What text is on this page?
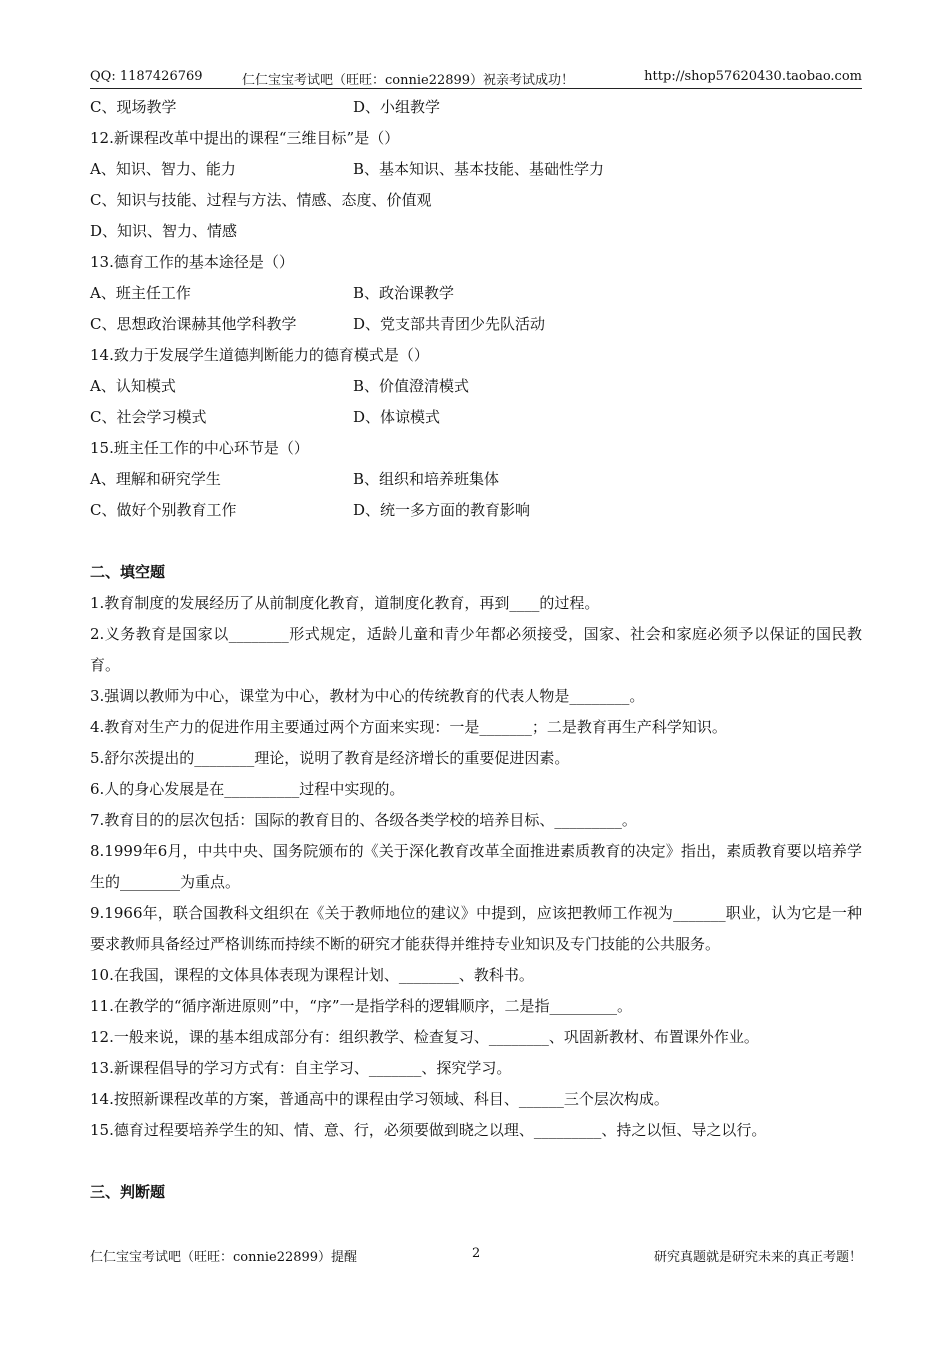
QQ: 1187426769	仁仁宝宝考试吧（旺旺：connie22899）祝亲考试成功！	http://shop57620430.taobao.com
C、现场教学	D、小组教学
12.新课程改革中提出的课程“三维目标”是（）
A、知识、智力、能力	B、基本知识、基本技能、基础性学力
C、知识与技能、过程与方法、情感、态度、价值观
D、知识、智力、情感
13.德育工作的基本途径是（）
A、班主任工作	B、政治课教学
C、思想政治课赫其他学科教学	D、党支部共青团少先队活动
14.致力于发展学生道德判断能力的德育模式是（）
A、认知模式	B、价值澄清模式
C、社会学习模式	D、体谅模式
15.班主任工作的中心环节是（）
A、理解和研究学生	B、组织和培养班集体
C、做好个别教育工作	D、统一多方面的教育影响
二、填空题
1.教育制度的发展经历了从前制度化教育，道制度化教育，再到____的过程。
2.义务教育是国家以________形式规定，适龄儿童和青少年都必须接受，国家、社会和家庭必须予以保证的国民教育。
3.强调以教师为中心，课堂为中心，教材为中心的传统教育的代表人物是________。
4.教育对生产力的促进作用主要通过两个方面来实现：一是_______；二是教育再生产科学知识。
5.舒尔茨提出的________理论，说明了教育是经济增长的重要促进因素。
6.人的身心发展是在__________过程中实现的。
7.教育目的的层次包括：国际的教育目的、各级各类学校的培养目标、_________。
8.1999年6月，中共中央、国务院颁布的《关于深化教育改革全面推进素质教育的决定》指出，素质教育要以培养学生的________为重点。
9.1966年，联合国教科文组织在《关于教师地位的建议》中提到，应该把教师工作视为_______职业，认为它是一种要求教师具备经过严格训练而持续不断的研究才能获得并维持专业知识及专门技能的公共服务。
10.在我国，课程的文体具体表现为课程计划、________、教科书。
11.在教学的“循序渐进原则”中，“序”一是指学科的逻辑顺序，二是指_________。
12.一般来说，课的基本组成部分有：组织教学、检查复习、________、巩固新教材、布置课外作业。
13.新课程倡导的学习方式有：自主学习、_______、探究学习。
14.按照新课程改革的方案，普通高中的课程由学习领域、科目、______三个层次构成。
15.德育过程要培养学生的知、情、意、行，必须要做到晓之以理、_________、持之以恒、导之以行。
三、判断题
仁仁宝宝考试吧（旺旺：connie22899）提醒	2	研究真题就是研究未来的真正考题！
